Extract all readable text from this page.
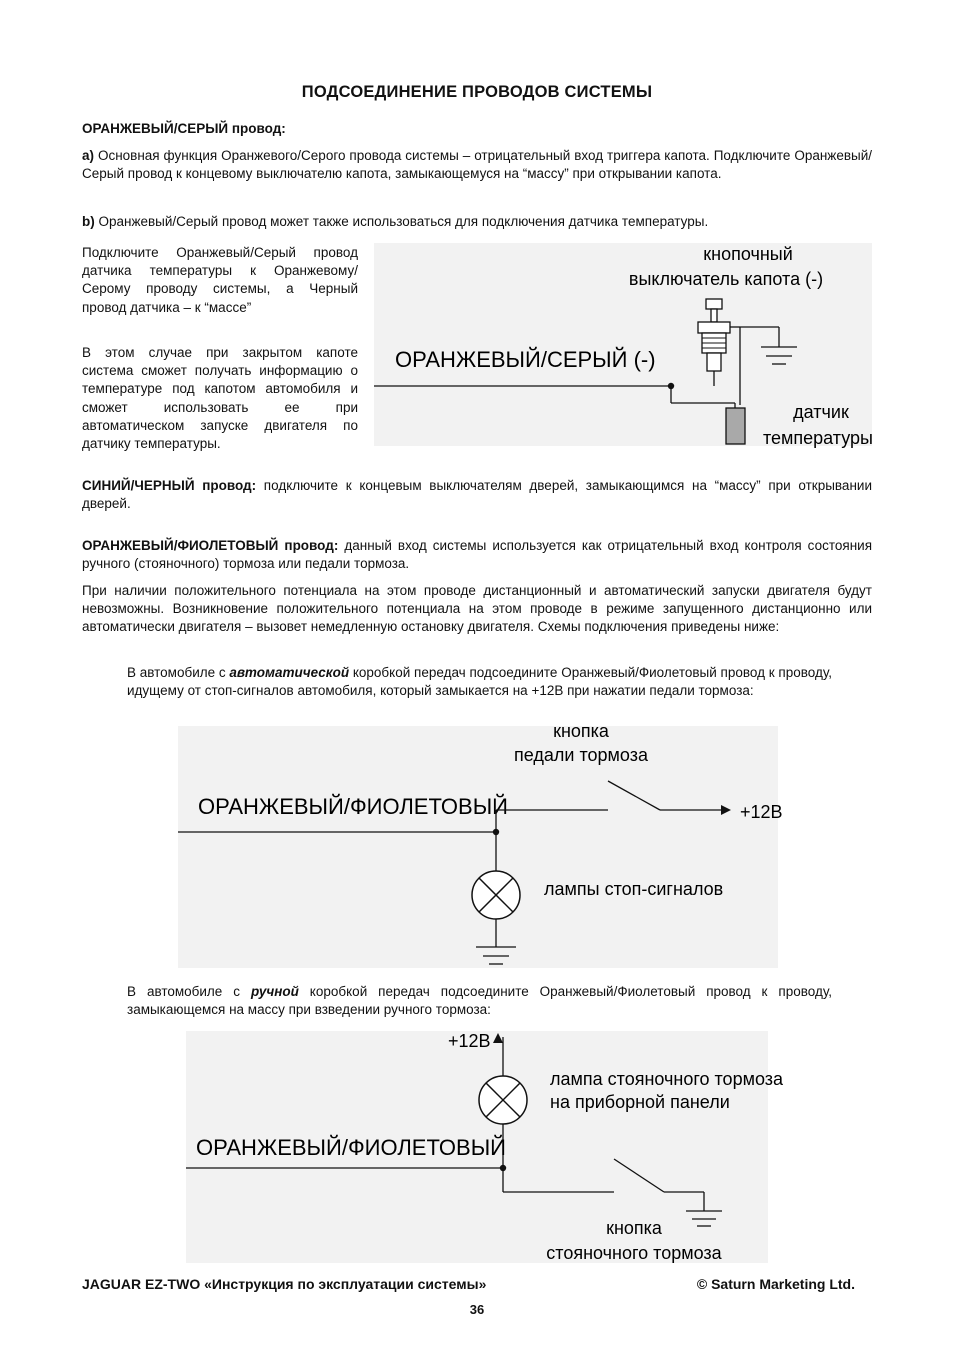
ПОДСОЕДИНЕНИЕ ПРОВОДОВ СИСТЕМЫ
ОРАНЖЕВЫЙ/СЕРЫЙ провод:
а) Основная функция Оранжевого/Серого провода системы – отрицательный вход триггера капота. Подключите Оранжевый/Серый провод к концевому выключателю капота, замыкающемуся на “массу” при открывании капота.
b) Оранжевый/Серый провод может также использоваться для подключения датчика температуры.
Подключите Оранжевый/Серый провод датчика температуры к Оранжевому/Серому проводу системы, а Черный провод датчика – к “массе”
В этом случае при закрытом капоте система сможет получать информацию о температуре под капотом автомобиля и сможет использовать ее при автоматическом запуске двигателя по датчику температуры.
кнопочный
выключатель капота (-)
ОРАНЖЕВЫЙ/СЕРЫЙ (-)
датчик
температуры
СИНИЙ/ЧЕРНЫЙ провод: подключите к концевым выключателям дверей, замыкающимся на “массу” при открывании дверей.
ОРАНЖЕВЫЙ/ФИОЛЕТОВЫЙ провод: данный вход системы используется как отрицательный вход контроля состояния ручного (стояночного) тормоза или педали тормоза.
При наличии положительного потенциала на этом проводе дистанционный и автоматический запуски двигателя будут невозможны. Возникновение положительного потенциала на этом проводе в режиме запущенного дистанционно или автоматически двигателя – вызовет немедленную остановку двигателя. Схемы подключения приведены ниже:
В автомобиле с автоматической коробкой передач подсоедините Оранжевый/Фиолетовый провод к проводу, идущему от стоп-сигналов автомобиля, который замыкается на +12В при нажатии педали тормоза:
кнопка
педали тормоза
ОРАНЖЕВЫЙ/ФИОЛЕТОВЫЙ	+12В
лампы стоп-сигналов
В автомобиле с ручной коробкой передач подсоедините Оранжевый/Фиолетовый провод к проводу, замыкающемся на массу при взведении ручного тормоза:
+12В
лампа стояночного тормоза
на приборной панели
ОРАНЖЕВЫЙ/ФИОЛЕТОВЫЙ
кнопка
стояночного тормоза
JAGUAR EZ-TWO «Инструкция по эксплуатации системы»	© Saturn Marketing Ltd.
36
